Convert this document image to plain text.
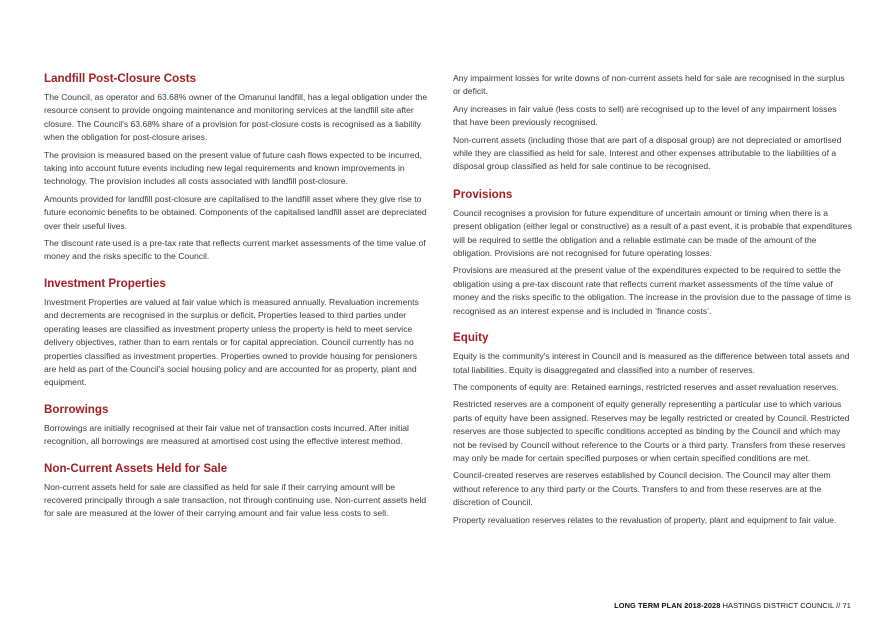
Landfill Post-Closure Costs

The Council, as operator and 63.68% owner of the Omarunui landfill, has a legal obligation under the resource consent to provide ongoing maintenance and monitoring services at the landfill site after closure. The Council's 63.68% share of a provision for post-closure costs is recognised as a liability when the obligation for post-closure arises.

The provision is measured based on the present value of future cash flows expected to be incurred, taking into account future events including new legal requirements and known improvements in technology. The provision includes all costs associated with landfill post-closure.

Amounts provided for landfill post-closure are capitalised to the landfill asset where they give rise to future economic benefits to be obtained. Components of the capitalised landfill asset are depreciated over their useful lives.

The discount rate used is a pre-tax rate that reflects current market assessments of the time value of money and the risks specific to the Council.

Investment Properties

Investment Properties are valued at fair value which is measured annually. Revaluation increments and decrements are recognised in the surplus or deficit. Properties leased to third parties under operating leases are classified as investment property unless the property is held to meet service delivery objectives, rather than to earn rentals or for capital appreciation. Council currently has no properties classified as investment properties. Properties owned to provide housing for pensioners are held as part of the Council's social housing policy and are accounted for as property, plant and equipment.

Borrowings

Borrowings are initially recognised at their fair value net of transaction costs incurred. After initial recognition, all borrowings are measured at amortised cost using the effective interest method.

Non-Current Assets Held for Sale

Non-current assets held for sale are classified as held for sale if their carrying amount will be recovered principally through a sale transaction, not through continuing use. Non-current assets held for sale are measured at the lower of their carrying amount and fair value less costs to sell.

Any impairment losses for write downs of non-current assets held for sale are recognised in the surplus or deficit.

Any increases in fair value (less costs to sell) are recognised up to the level of any impairment losses that have been previously recognised.

Non-current assets (including those that are part of a disposal group) are not depreciated or amortised while they are classified as held for sale. Interest and other expenses attributable to the liabilities of a disposal group classified as held for sale continue to be recognised.

Provisions

Council recognises a provision for future expenditure of uncertain amount or timing when there is a present obligation (either legal or constructive) as a result of a past event, it is probable that expenditures will be required to settle the obligation and a reliable estimate can be made of the amount of the obligation. Provisions are not recognised for future operating losses.

Provisions are measured at the present value of the expenditures expected to be required to settle the obligation using a pre-tax discount rate that reflects current market assessments of the time value of money and the risks specific to the obligation. The increase in the provision due to the passage of time is recognised as an interest expense and is included in ‘finance costs’.

Equity

Equity is the community's interest in Council and is measured as the difference between total assets and total liabilities. Equity is disaggregated and classified into a number of reserves.

The components of equity are: Retained earnings, restricted reserves and asset revaluation reserves.

Restricted reserves are a component of equity generally representing a particular use to which various parts of equity have been assigned. Reserves may be legally restricted or created by Council. Restricted reserves are those subjected to specific conditions accepted as binding by the Council and which may not be revised by Council without reference to the Courts or a third party. Transfers from these reserves may only be made for certain specified purposes or when certain specified conditions are met.

Council-created reserves are reserves established by Council decision. The Council may alter them without reference to any third party or the Courts. Transfers to and from these reserves are at the discretion of Council.

Property revaluation reserves relates to the revaluation of property, plant and equipment to fair value.

LONG TERM PLAN 2018-2028 HASTINGS DISTRICT COUNCIL // 71
